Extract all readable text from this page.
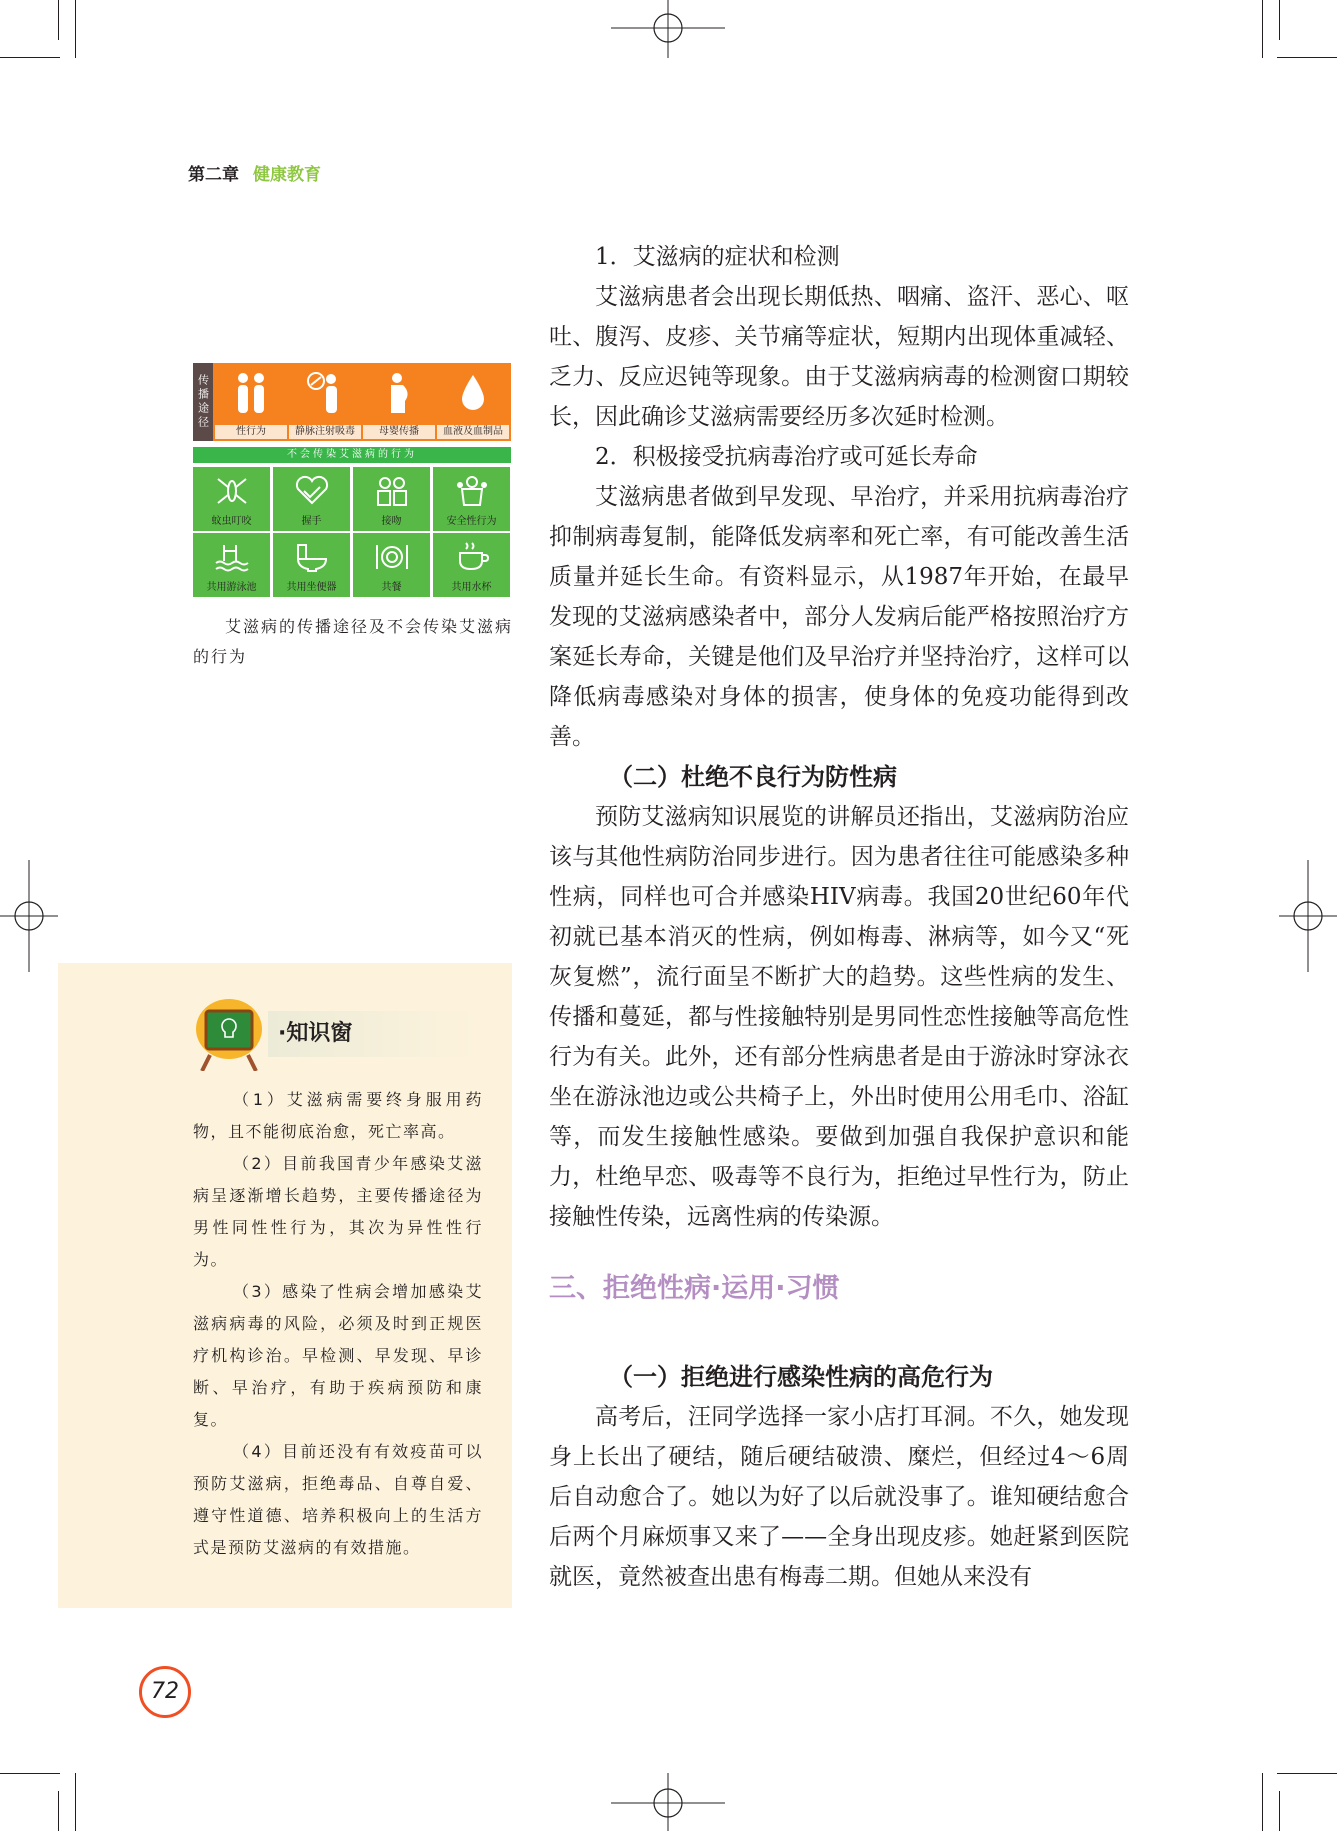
第二章 健康教育
传播途径
性行为	静脉注射吸毒	母婴传播	血液及血制品
不会传染艾滋病的行为
蚊虫叮咬	握手	接吻	安全性行为
共用游泳池	共用坐便器	共餐	共用水杯
艾滋病的传播途径及不会传染艾滋病的行为
·知识窗

（1）艾滋病需要终身服用药物，且不能彻底治愈，死亡率高。

（2）目前我国青少年感染艾滋病呈逐渐增长趋势，主要传播途径为男性同性性行为，其次为异性性行为。

（3）感染了性病会增加感染艾滋病病毒的风险，必须及时到正规医疗机构诊治。早检测、早发现、早诊断、早治疗，有助于疾病预防和康复。

（4）目前还没有有效疫苗可以预防艾滋病，拒绝毒品、自尊自爱、遵守性道德、培养积极向上的生活方式是预防艾滋病的有效措施。

1．艾滋病的症状和检测

艾滋病患者会出现长期低热、咽痛、盗汗、恶心、呕吐、腹泻、皮疹、关节痛等症状，短期内出现体重减轻、乏力、反应迟钝等现象。由于艾滋病病毒的检测窗口期较长，因此确诊艾滋病需要经历多次延时检测。

2．积极接受抗病毒治疗或可延长寿命

艾滋病患者做到早发现、早治疗，并采用抗病毒治疗抑制病毒复制，能降低发病率和死亡率，有可能改善生活质量并延长生命。有资料显示，从1987年开始，在最早发现的艾滋病感染者中，部分人发病后能严格按照治疗方案延长寿命，关键是他们及早治疗并坚持治疗，这样可以降低病毒感染对身体的损害，使身体的免疫功能得到改善。

（二）杜绝不良行为防性病

预防艾滋病知识展览的讲解员还指出，艾滋病防治应该与其他性病防治同步进行。因为患者往往可能感染多种性病，同样也可合并感染HIV病毒。我国20世纪60年代初就已基本消灭的性病，例如梅毒、淋病等，如今又“死灰复燃”，流行面呈不断扩大的趋势。这些性病的发生、传播和蔓延，都与性接触特别是男同性恋性接触等高危性行为有关。此外，还有部分性病患者是由于游泳时穿泳衣坐在游泳池边或公共椅子上，外出时使用公用毛巾、浴缸等，而发生接触性感染。要做到加强自我保护意识和能力，杜绝早恋、吸毒等不良行为，拒绝过早性行为，防止接触性传染，远离性病的传染源。

三、拒绝性病·运用·习惯
（一）拒绝进行感染性病的高危行为

高考后，汪同学选择一家小店打耳洞。不久，她发现身上长出了硬结，随后硬结破溃、糜烂，但经过4～6周后自动愈合了。她以为好了以后就没事了。谁知硬结愈合后两个月麻烦事又来了——全身出现皮疹。她赶紧到医院就医，竟然被查出患有梅毒二期。但她从来没有

72
